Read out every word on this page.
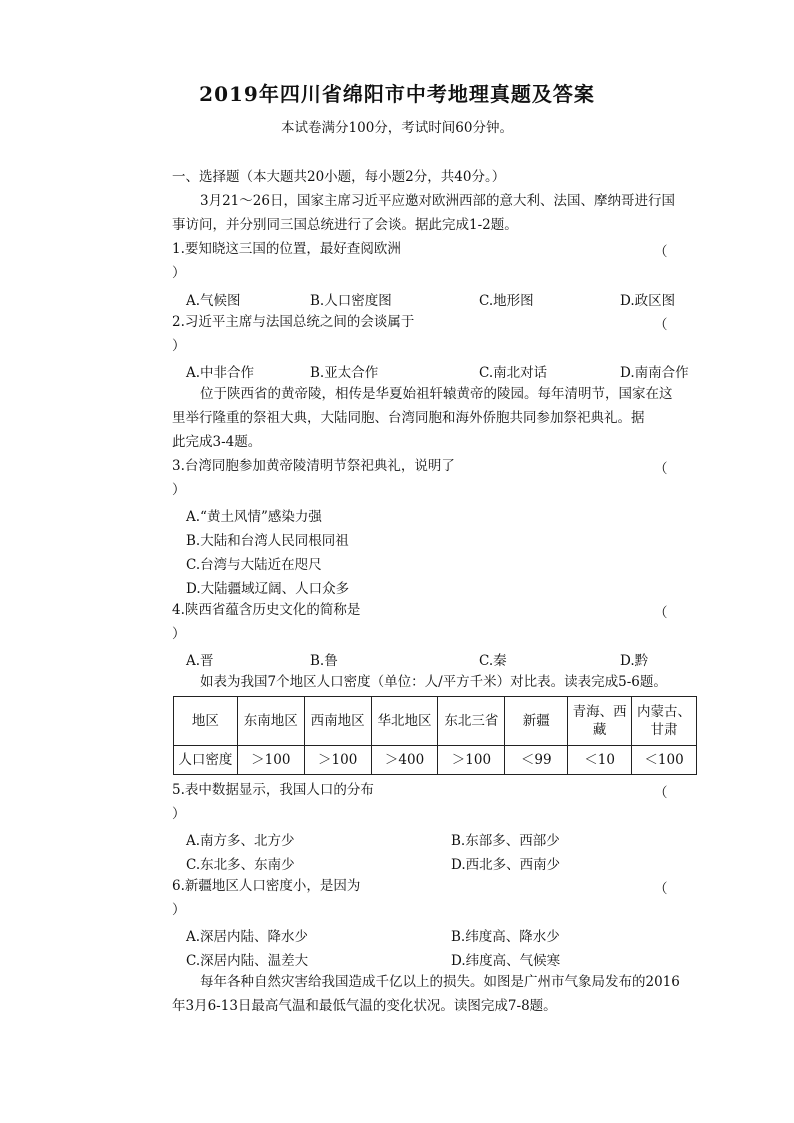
2019年四川省绵阳市中考地理真题及答案
本试卷满分100分，考试时间60分钟。
一、选择题（本大题共20小题，每小题2分，共40分。）
3月21～26日，国家主席习近平应邀对欧洲西部的意大利、法国、摩纳哥进行国
事访问，并分别同三国总统进行了会谈。据此完成1-2题。
1.要知晓这三国的位置，最好查阅欧洲	（
）
A.气候图	B.人口密度图	C.地形图	D.政区图
2.习近平主席与法国总统之间的会谈属于	（
）
A.中非合作	B.亚太合作	C.南北对话	D.南南合作
位于陕西省的黄帝陵，相传是华夏始祖轩辕黄帝的陵园。每年清明节，国家在这
里举行隆重的祭祖大典，大陆同胞、台湾同胞和海外侨胞共同参加祭祀典礼。据
此完成3-4题。
3.台湾同胞参加黄帝陵清明节祭祀典礼，说明了	（
）
A.“黄土风情”感染力强
B.大陆和台湾人民同根同祖
C.台湾与大陆近在咫尺
D.大陆疆域辽阔、人口众多
4.陕西省蕴含历史文化的简称是	（
）
A.晋	B.鲁	C.秦	D.黔
如表为我国7个地区人口密度（单位：人/平方千米）对比表。读表完成5-6题。
地区	东南地区	西南地区	华北地区	东北三省	新疆	青海、西藏	内蒙古、甘肃
人口密度	＞100	＞100	＞400	＞100	＜99	＜10	＜100
5.表中数据显示，我国人口的分布	（
）
A.南方多、北方少	B.东部多、西部少
C.东北多、东南少	D.西北多、西南少
6.新疆地区人口密度小，是因为	（
）
A.深居内陆、降水少	B.纬度高、降水少
C.深居内陆、温差大	D.纬度高、气候寒
每年各种自然灾害给我国造成千亿以上的损失。如图是广州市气象局发布的2016
年3月6-13日最高气温和最低气温的变化状况。读图完成7-8题。
